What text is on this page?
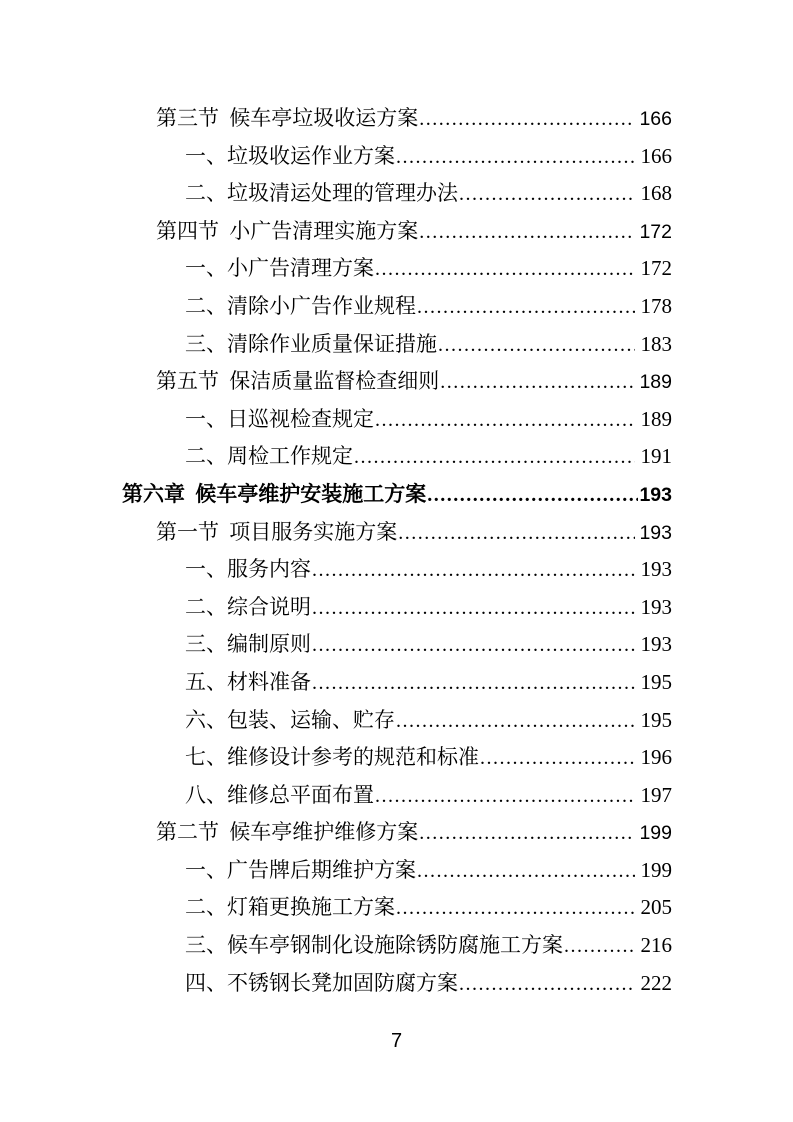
第三节 候车亭垃圾收运方案 .....	166
一、垃圾收运作业方案 .....	166
二、垃圾清运处理的管理办法 .....	168
第四节 小广告清理实施方案 .....	172
一、小广告清理方案 .....	172
二、清除小广告作业规程 .....	178
三、清除作业质量保证措施 .....	183
第五节 保洁质量监督检查细则 .....	189
一、日巡视检查规定 .....	189
二、周检工作规定 .....	191
第六章 候车亭维护安装施工方案 .....	193
第一节 项目服务实施方案 .....	193
一、服务内容 .....	193
二、综合说明 .....	193
三、编制原则 .....	193
五、材料准备 .....	195
六、包装、运输、贮存 .....	195
七、维修设计参考的规范和标准 .....	196
八、维修总平面布置 .....	197
第二节 候车亭维护维修方案 .....	199
一、广告牌后期维护方案 .....	199
二、灯箱更换施工方案 .....	205
三、候车亭钢制化设施除锈防腐施工方案 .....	216
四、不锈钢长凳加固防腐方案 .....	222
7
